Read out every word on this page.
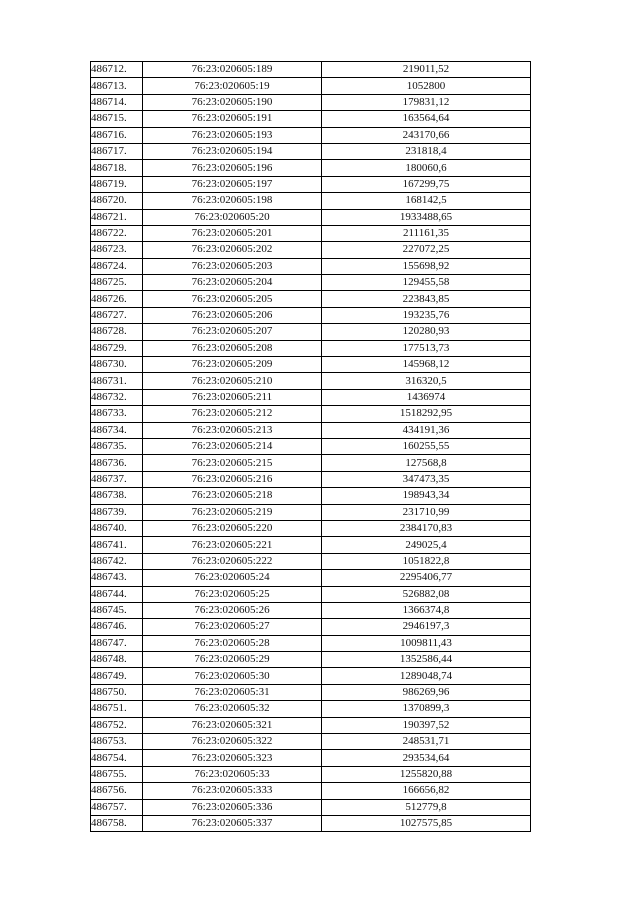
486712.	76:23:020605:189	219011,52
486713.	76:23:020605:19	1052800
486714.	76:23:020605:190	179831,12
486715.	76:23:020605:191	163564,64
486716.	76:23:020605:193	243170,66
486717.	76:23:020605:194	231818,4
486718.	76:23:020605:196	180060,6
486719.	76:23:020605:197	167299,75
486720.	76:23:020605:198	168142,5
486721.	76:23:020605:20	1933488,65
486722.	76:23:020605:201	211161,35
486723.	76:23:020605:202	227072,25
486724.	76:23:020605:203	155698,92
486725.	76:23:020605:204	129455,58
486726.	76:23:020605:205	223843,85
486727.	76:23:020605:206	193235,76
486728.	76:23:020605:207	120280,93
486729.	76:23:020605:208	177513,73
486730.	76:23:020605:209	145968,12
486731.	76:23:020605:210	316320,5
486732.	76:23:020605:211	1436974
486733.	76:23:020605:212	1518292,95
486734.	76:23:020605:213	434191,36
486735.	76:23:020605:214	160255,55
486736.	76:23:020605:215	127568,8
486737.	76:23:020605:216	347473,35
486738.	76:23:020605:218	198943,34
486739.	76:23:020605:219	231710,99
486740.	76:23:020605:220	2384170,83
486741.	76:23:020605:221	249025,4
486742.	76:23:020605:222	1051822,8
486743.	76:23:020605:24	2295406,77
486744.	76:23:020605:25	526882,08
486745.	76:23:020605:26	1366374,8
486746.	76:23:020605:27	2946197,3
486747.	76:23:020605:28	1009811,43
486748.	76:23:020605:29	1352586,44
486749.	76:23:020605:30	1289048,74
486750.	76:23:020605:31	986269,96
486751.	76:23:020605:32	1370899,3
486752.	76:23:020605:321	190397,52
486753.	76:23:020605:322	248531,71
486754.	76:23:020605:323	293534,64
486755.	76:23:020605:33	1255820,88
486756.	76:23:020605:333	166656,82
486757.	76:23:020605:336	512779,8
486758.	76:23:020605:337	1027575,85
